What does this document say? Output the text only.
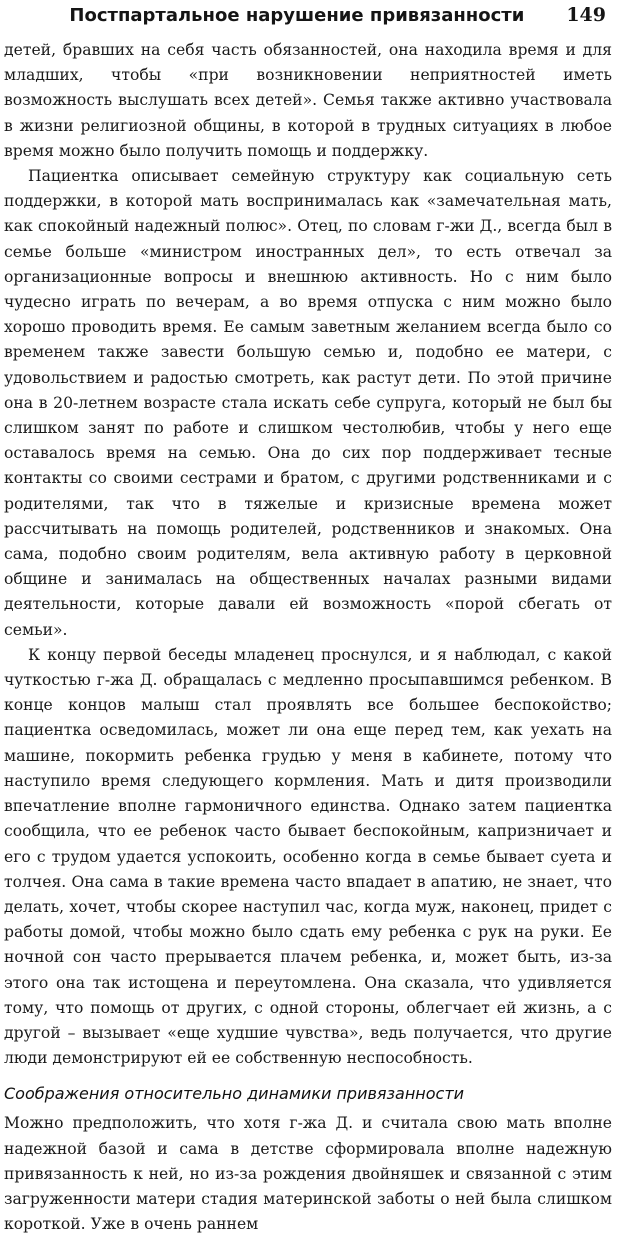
Постпартальное нарушение привязанности 149

детей, бравших на себя часть обязанностей, она находила время и для младших, чтобы «при возникновении неприятностей иметь возможность выслушать всех детей». Семья также активно участвовала в жизни религиозной общины, в которой в трудных ситуациях в любое время можно было получить помощь и поддержку.

Пациентка описывает семейную структуру как социальную сеть поддержки, в которой мать воспринималась как «замечательная мать, как спокойный надежный полюс». Отец, по словам г-жи Д., всегда был в семье больше «министром иностранных дел», то есть отвечал за организационные вопросы и внешнюю активность. Но с ним было чудесно играть по вечерам, а во время отпуска с ним можно было хорошо проводить время. Ее самым заветным желанием всегда было со временем также завести большую семью и, подобно ее матери, с удовольствием и радостью смотреть, как растут дети. По этой причине она в 20-летнем возрасте стала искать себе супруга, который не был бы слишком занят по работе и слишком честолюбив, чтобы у него еще оставалось время на семью. Она до сих пор поддерживает тесные контакты со своими сестрами и братом, с другими родственниками и с родителями, так что в тяжелые и кризисные времена может рассчитывать на помощь родителей, родственников и знакомых. Она сама, подобно своим родителям, вела активную работу в церковной общине и занималась на общественных началах разными видами деятельности, которые давали ей возможность «порой сбегать от семьи».

К концу первой беседы младенец проснулся, и я наблюдал, с какой чуткостью г-жа Д. обращалась с медленно просыпавшимся ребенком. В конце концов малыш стал проявлять все большее беспокойство; пациентка осведомилась, может ли она еще перед тем, как уехать на машине, покормить ребенка грудью у меня в кабинете, потому что наступило время следующего кормления. Мать и дитя производили впечатление вполне гармоничного единства. Однако затем пациентка сообщила, что ее ребенок часто бывает беспокойным, капризничает и его с трудом удается успокоить, особенно когда в семье бывает суета и толчея. Она сама в такие времена часто впадает в апатию, не знает, что делать, хочет, чтобы скорее наступил час, когда муж, наконец, придет с работы домой, чтобы можно было сдать ему ребенка с рук на руки. Ее ночной сон часто прерывается плачем ребенка, и, может быть, из-за этого она так истощена и переутомлена. Она сказала, что удивляется тому, что помощь от других, с одной стороны, облегчает ей жизнь, а с другой – вызывает «еще худшие чувства», ведь получается, что другие люди демонстрируют ей ее собственную неспособность.

Соображения относительно динамики привязанности

Можно предположить, что хотя г-жа Д. и считала свою мать вполне надежной базой и сама в детстве сформировала вполне надежную привязанность к ней, но из-за рождения двойняшек и связанной с этим загруженности матери стадия материнской заботы о ней была слишком короткой. Уже в очень раннем
